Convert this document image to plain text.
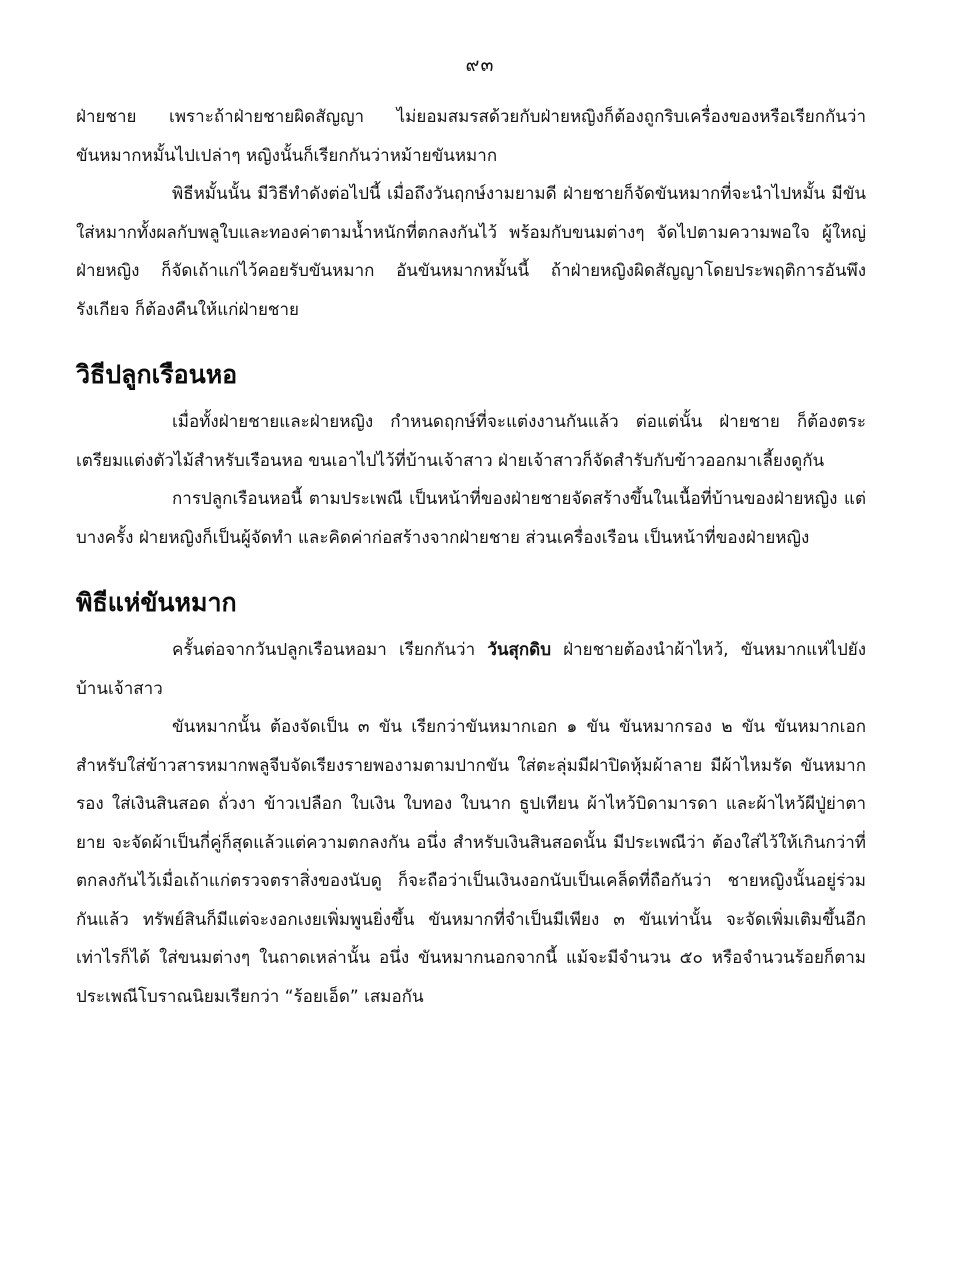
๙๓

ฝ่ายชาย เพราะถ้าฝ่ายชายผิดสัญญา ไม่ยอมสมรสด้วยกับฝ่ายหญิงก็ต้องถูกริบเครื่องของหรือเรียกกันว่าขันหมากหมั้นไปเปล่าๆ หญิงนั้นก็เรียกกันว่าหม้ายขันหมาก

พิธีหมั้นนั้น มีวิธีทำดังต่อไปนี้ เมื่อถึงวันฤกษ์งามยามดี ฝ่ายชายก็จัดขันหมากที่จะนำไปหมั้น มีขันใส่หมากทั้งผลกับพลูใบและทองค่าตามน้ำหนักที่ตกลงกันไว้ พร้อมกับขนมต่างๆ จัดไปตามความพอใจ ผู้ใหญ่ฝ่ายหญิง ก็จัดเถ้าแก่ไว้คอยรับขันหมาก อันขันหมากหมั้นนี้ ถ้าฝ่ายหญิงผิดสัญญาโดยประพฤติการอันพึงรังเกียจ ก็ต้องคืนให้แก่ฝ่ายชาย

วิธีปลูกเรือนหอ

เมื่อทั้งฝ่ายชายและฝ่ายหญิง กำหนดฤกษ์ที่จะแต่งงานกันแล้ว ต่อแต่นั้น ฝ่ายชาย ก็ต้องตระเตรียมแต่งตัวไม้สำหรับเรือนหอ ขนเอาไปไว้ที่บ้านเจ้าสาว ฝ่ายเจ้าสาวก็จัดสำรับกับข้าวออกมาเลี้ยงดูกัน

การปลูกเรือนหอนี้ ตามประเพณี เป็นหน้าที่ของฝ่ายชายจัดสร้างขึ้นในเนื้อที่บ้านของฝ่ายหญิง แต่บางครั้ง ฝ่ายหญิงก็เป็นผู้จัดทำ และคิดค่าก่อสร้างจากฝ่ายชาย ส่วนเครื่องเรือน เป็นหน้าที่ของฝ่ายหญิง

พิธีแห่ขันหมาก

ครั้นต่อจากวันปลูกเรือนหอมา เรียกกันว่า วันสุกดิบ ฝ่ายชายต้องนำผ้าไหว้, ขันหมากแห่ไปยังบ้านเจ้าสาว

ขันหมากนั้น ต้องจัดเป็น ๓ ขัน เรียกว่าขันหมากเอก ๑ ขัน ขันหมากรอง ๒ ขัน ขันหมากเอก สำหรับใส่ข้าวสารหมากพลูจีบจัดเรียงรายพองามตามปากขัน ใส่ตะลุ่มมีฝาปิดหุ้มผ้าลาย มีผ้าไหมรัด ขันหมากรอง ใส่เงินสินสอด ถั่วงา ข้าวเปลือก ใบเงิน ใบทอง ใบนาก ธูปเทียน ผ้าไหว้บิดามารดา และผ้าไหว้ผีปู่ย่าตายาย จะจัดผ้าเป็นกี่คู่ก็สุดแล้วแต่ความตกลงกัน อนึ่ง สำหรับเงินสินสอดนั้น มีประเพณีว่า ต้องใส่ไว้ให้เกินกว่าที่ตกลงกันไว้เมื่อเถ้าแก่ตรวจตราสิ่งของนับดู ก็จะถือว่าเป็นเงินงอกนับเป็นเคล็ดที่ถือกันว่า ชายหญิงนั้นอยู่ร่วมกันแล้ว ทรัพย์สินก็มีแต่จะงอกเงยเพิ่มพูนยิ่งขึ้น ขันหมากที่จำเป็นมีเพียง ๓ ขันเท่านั้น จะจัดเพิ่มเติมขึ้นอีกเท่าไรก็ได้ ใส่ขนมต่างๆ ในถาดเหล่านั้น อนึ่ง ขันหมากนอกจากนี้ แม้จะมีจำนวน ๕๐ หรือจำนวนร้อยก็ตาม ประเพณีโบราณนิยมเรียกว่า “ร้อยเอ็ด” เสมอกัน
